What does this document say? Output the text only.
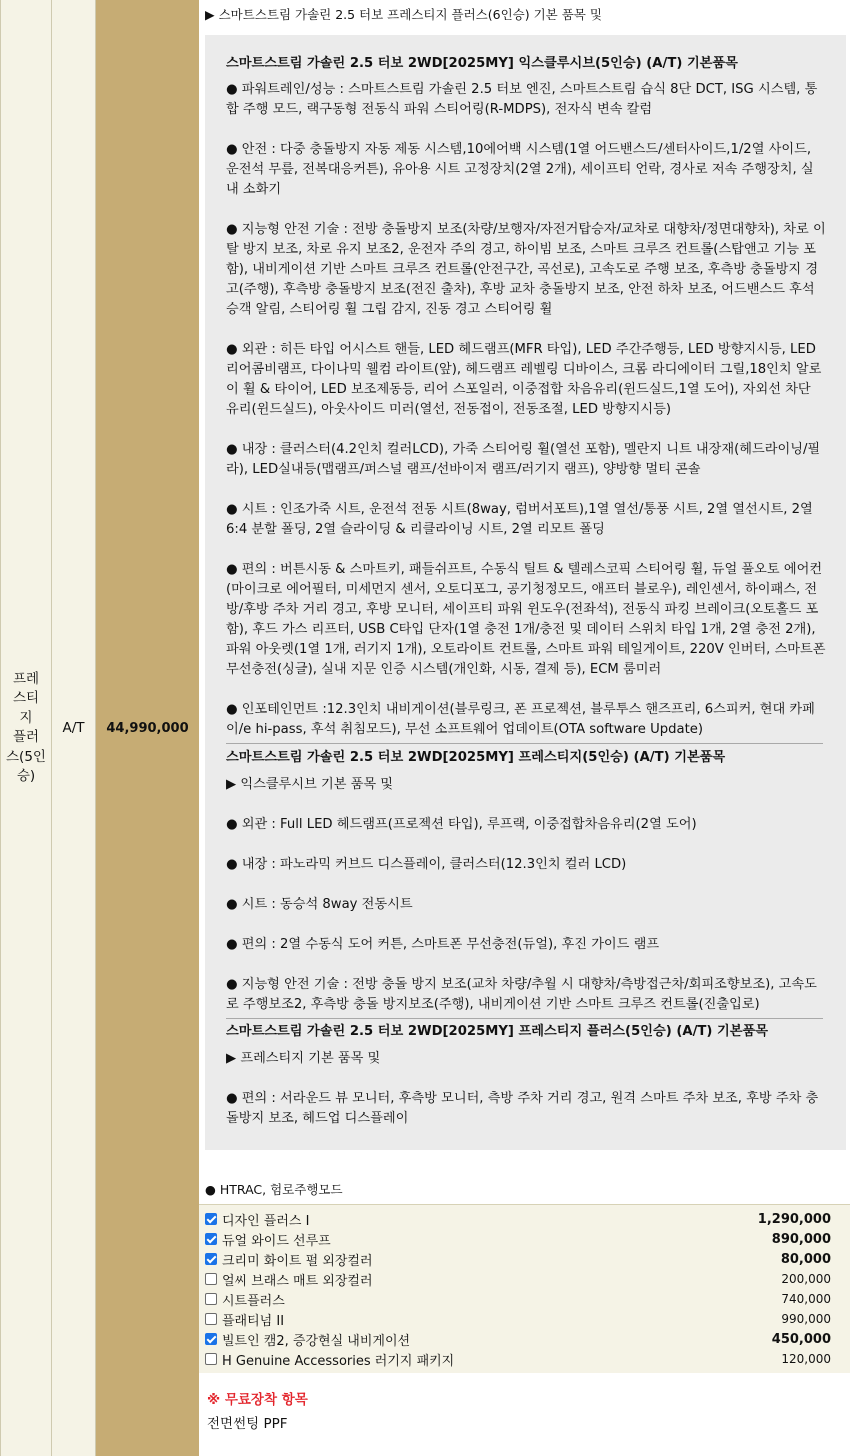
프레
스티
지
플러
스(5인
승)
A/T 44,990,000
▶ 스마트스트림 가솔린 2.5 터보 프레스티지 플러스(6인승) 기본 품목 및
스마트스트림 가솔린 2.5 터보 2WD[2025MY] 익스클루시브(5인승) (A/T) 기본품목

● 파워트레인/성능 : 스마트스트림 가솔린 2.5 터보 엔진, 스마트스트림 습식 8단 DCT, ISG 시스템, 통합 주행 모드, 랙구동형 전동식 파워 스티어링(R-MDPS), 전자식 변속 칼럼

● 안전 : 다중 충돌방지 자동 제동 시스템,10에어백 시스템(1열 어드밴스드/센터사이드,1/2열 사이드, 운전석 무릎, 전복대응커튼), 유아용 시트 고정장치(2열 2개), 세이프티 언락, 경사로 저속 주행장치, 실내 소화기

● 지능형 안전 기술 : 전방 충돌방지 보조(차량/보행자/자전거탑승자/교차로 대향차/정면대향차), 차로 이탈 방지 보조, 차로 유지 보조2, 운전자 주의 경고, 하이빔 보조, 스마트 크루즈 컨트롤(스탑앤고 기능 포함), 내비게이션 기반 스마트 크루즈 컨트롤(안전구간, 곡선로), 고속도로 주행 보조, 후측방 충돌방지 경고(주행), 후측방 충돌방지 보조(전진 출차), 후방 교차 충돌방지 보조, 안전 하차 보조, 어드밴스드 후석 승객 알림, 스티어링 휠 그립 감지, 진동 경고 스티어링 휠

● 외관 : 히든 타입 어시스트 핸들, LED 헤드램프(MFR 타입), LED 주간주행등, LED 방향지시등, LED 리어콤비램프, 다이나믹 웰컴 라이트(앞), 헤드램프 레벨링 디바이스, 크롬 라디에이터 그릴,18인치 알로이 휠 & 타이어, LED 보조제동등, 리어 스포일러, 이중접합 차음유리(윈드실드,1열 도어), 자외선 차단 유리(윈드실드), 아웃사이드 미러(열선, 전동접이, 전동조절, LED 방향지시등)

● 내장 : 클러스터(4.2인치 컬러LCD), 가죽 스티어링 휠(열선 포함), 멜란지 니트 내장재(헤드라이닝/필라), LED실내등(맵램프/퍼스널 램프/선바이저 램프/러기지 램프), 양방향 멀티 콘솔

● 시트 : 인조가죽 시트, 운전석 전동 시트(8way, 럼버서포트),1열 열선/통풍 시트, 2열 열선시트, 2열 6:4 분할 폴딩, 2열 슬라이딩 & 리클라이닝 시트, 2열 리모트 폴딩

● 편의 : 버튼시동 & 스마트키, 패들쉬프트, 수동식 틸트 & 텔레스코픽 스티어링 휠, 듀얼 풀오토 에어컨(마이크로 에어필터, 미세먼지 센서, 오토디포그, 공기청정모드, 애프터 블로우), 레인센서, 하이패스, 전방/후방 주차 거리 경고, 후방 모니터, 세이프티 파워 윈도우(전좌석), 전동식 파킹 브레이크(오토홀드 포함), 후드 가스 리프터, USB C타입 단자(1열 충전 1개/충전 및 데이터 스위치 타입 1개, 2열 충전 2개), 파워 아웃렛(1열 1개, 러기지 1개), 오토라이트 컨트롤, 스마트 파워 테일게이트, 220V 인버터, 스마트폰 무선충전(싱글), 실내 지문 인증 시스템(개인화, 시동, 결제 등), ECM 룸미러

● 인포테인먼트 :12.3인치 내비게이션(블루링크, 폰 프로젝션, 블루투스 핸즈프리, 6스피커, 현대 카페이/e hi-pass, 후석 취침모드), 무선 소프트웨어 업데이트(OTA software Update)

스마트스트림 가솔린 2.5 터보 2WD[2025MY] 프레스티지(5인승) (A/T) 기본품목

▶ 익스클루시브 기본 품목 및

● 외관 : Full LED 헤드램프(프로젝션 타입), 루프랙, 이중접합차음유리(2열 도어)

● 내장 : 파노라믹 커브드 디스플레이, 클러스터(12.3인치 컬러 LCD)

● 시트 : 동승석 8way 전동시트

● 편의 : 2열 수동식 도어 커튼, 스마트폰 무선충전(듀얼), 후진 가이드 램프

● 지능형 안전 기술 : 전방 충돌 방지 보조(교차 차량/추월 시 대향차/측방접근차/회피조향보조), 고속도로 주행보조2, 후측방 충돌 방지보조(주행), 내비게이션 기반 스마트 크루즈 컨트롤(진출입로)

스마트스트림 가솔린 2.5 터보 2WD[2025MY] 프레스티지 플러스(5인승) (A/T) 기본품목

▶ 프레스티지 기본 품목 및

● 편의 : 서라운드 뷰 모니터, 후측방 모니터, 측방 주차 거리 경고, 원격 스마트 주차 보조, 후방 주차 충돌방지 보조, 헤드업 디스플레이

● HTRAC, 험로주행모드
디자인 플러스 I	1,290,000
듀얼 와이드 선루프	890,000
크리미 화이트 펄 외장컬러	80,000
얼씨 브래스 매트 외장컬러	200,000
시트플러스	740,000
플래티넘 II	990,000
빌트인 캠2, 증강현실 내비게이션	450,000
H Genuine Accessories 러기지 패키지	120,000
※ 무료장착 항목
전면썬팅 PPF
